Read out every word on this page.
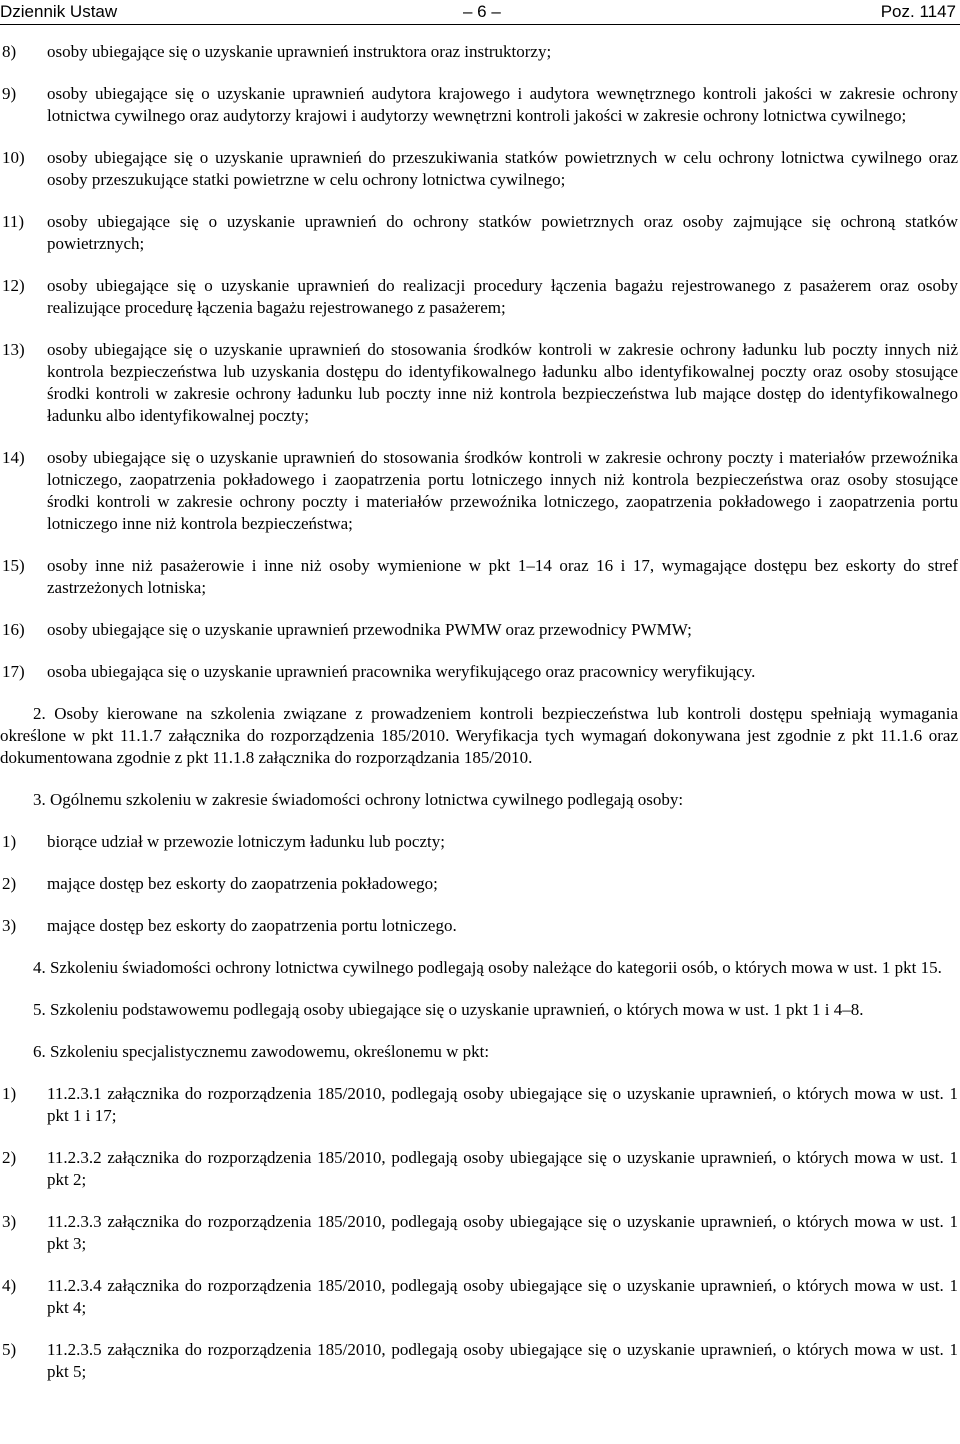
Dziennik Ustaw	– 6 –	Poz. 1147

8) osoby ubiegające się o uzyskanie uprawnień instruktora oraz instruktorzy;

9) osoby ubiegające się o uzyskanie uprawnień audytora krajowego i audytora wewnętrznego kontroli jakości w zakresie ochrony lotnictwa cywilnego oraz audytorzy krajowi i audytorzy wewnętrzni kontroli jakości w zakresie ochrony lotnictwa cywilnego;

10) osoby ubiegające się o uzyskanie uprawnień do przeszukiwania statków powietrznych w celu ochrony lotnictwa cywilnego oraz osoby przeszukujące statki powietrzne w celu ochrony lotnictwa cywilnego;

11) osoby ubiegające się o uzyskanie uprawnień do ochrony statków powietrznych oraz osoby zajmujące się ochroną statków powietrznych;

12) osoby ubiegające się o uzyskanie uprawnień do realizacji procedury łączenia bagażu rejestrowanego z pasażerem oraz osoby realizujące procedurę łączenia bagażu rejestrowanego z pasażerem;

13) osoby ubiegające się o uzyskanie uprawnień do stosowania środków kontroli w zakresie ochrony ładunku lub poczty innych niż kontrola bezpieczeństwa lub uzyskania dostępu do identyfikowalnego ładunku albo identyfikowalnej poczty oraz osoby stosujące środki kontroli w zakresie ochrony ładunku lub poczty inne niż kontrola bezpieczeństwa lub mające dostęp do identyfikowalnego ładunku albo identyfikowalnej poczty;

14) osoby ubiegające się o uzyskanie uprawnień do stosowania środków kontroli w zakresie ochrony poczty i materiałów przewoźnika lotniczego, zaopatrzenia pokładowego i zaopatrzenia portu lotniczego innych niż kontrola bezpieczeństwa oraz osoby stosujące środki kontroli w zakresie ochrony poczty i materiałów przewoźnika lotniczego, zaopatrzenia pokładowego i zaopatrzenia portu lotniczego inne niż kontrola bezpieczeństwa;

15) osoby inne niż pasażerowie i inne niż osoby wymienione w pkt 1–14 oraz 16 i 17, wymagające dostępu bez eskorty do stref zastrzeżonych lotniska;

16) osoby ubiegające się o uzyskanie uprawnień przewodnika PWMW oraz przewodnicy PWMW;

17) osoba ubiegająca się o uzyskanie uprawnień pracownika weryfikującego oraz pracownicy weryfikujący.

2. Osoby kierowane na szkolenia związane z prowadzeniem kontroli bezpieczeństwa lub kontroli dostępu spełniają wymagania określone w pkt 11.1.7 załącznika do rozporządzenia 185/2010. Weryfikacja tych wymagań dokonywana jest zgodnie z pkt 11.1.6 oraz dokumentowana zgodnie z pkt 11.1.8 załącznika do rozporządzania 185/2010.

3. Ogólnemu szkoleniu w zakresie świadomości ochrony lotnictwa cywilnego podlegają osoby:

1) biorące udział w przewozie lotniczym ładunku lub poczty;

2) mające dostęp bez eskorty do zaopatrzenia pokładowego;

3) mające dostęp bez eskorty do zaopatrzenia portu lotniczego.

4. Szkoleniu świadomości ochrony lotnictwa cywilnego podlegają osoby należące do kategorii osób, o których mowa w ust. 1 pkt 15.

5. Szkoleniu podstawowemu podlegają osoby ubiegające się o uzyskanie uprawnień, o których mowa w ust. 1 pkt 1 i 4–8.

6. Szkoleniu specjalistycznemu zawodowemu, określonemu w pkt:

1) 11.2.3.1 załącznika do rozporządzenia 185/2010, podlegają osoby ubiegające się o uzyskanie uprawnień, o których mowa w ust. 1 pkt 1 i 17;

2) 11.2.3.2 załącznika do rozporządzenia 185/2010, podlegają osoby ubiegające się o uzyskanie uprawnień, o których mowa w ust. 1 pkt 2;

3) 11.2.3.3 załącznika do rozporządzenia 185/2010, podlegają osoby ubiegające się o uzyskanie uprawnień, o których mowa w ust. 1 pkt 3;

4) 11.2.3.4 załącznika do rozporządzenia 185/2010, podlegają osoby ubiegające się o uzyskanie uprawnień, o których mowa w ust. 1 pkt 4;

5) 11.2.3.5 załącznika do rozporządzenia 185/2010, podlegają osoby ubiegające się o uzyskanie uprawnień, o których mowa w ust. 1 pkt 5;
